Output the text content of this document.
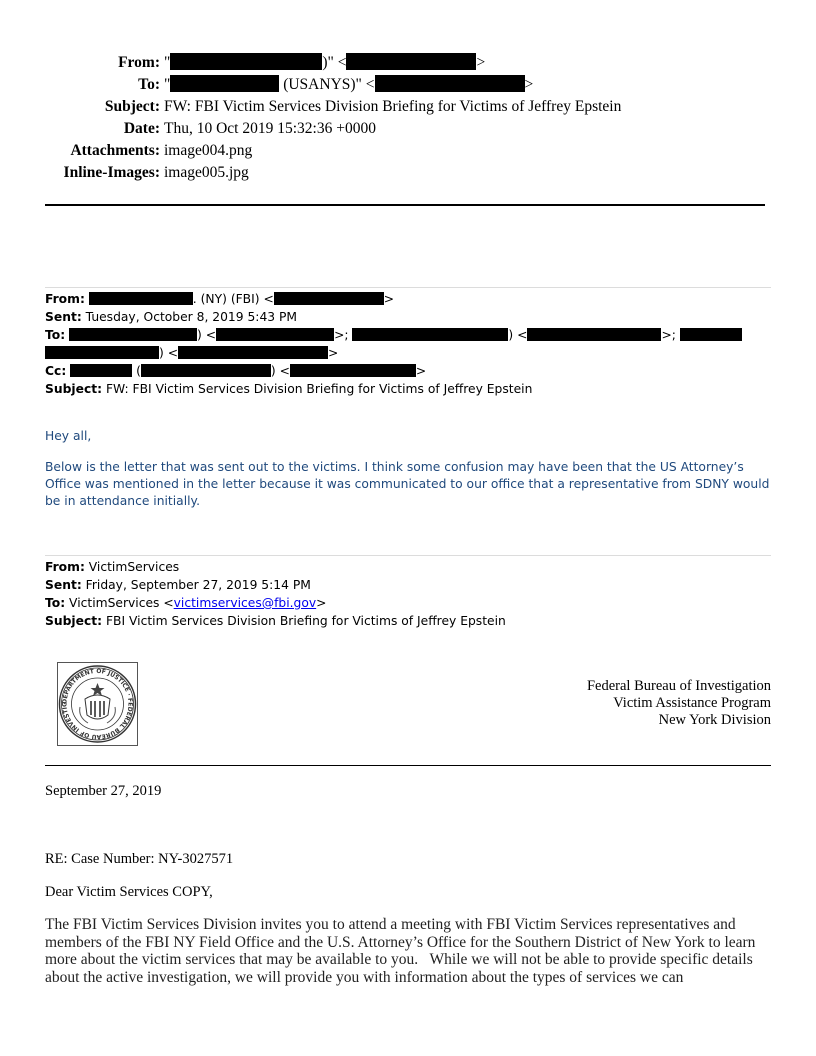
From: "	)" <	>
To: "	(USANYS)" <	>
Subject: FW: FBI Victim Services Division Briefing for Victims of Jeffrey Epstein
Date: Thu, 10 Oct 2019 15:32:36 +0000
Attachments: image004.png
Inline-Images: image005.jpg
From:	. (NY) (FBI) <	>
Sent: Tuesday, October 8, 2019 5:43 PM
To:	) <	>;	) <	>;
) <	>
Cc:	(	) <	>
Subject: FW: FBI Victim Services Division Briefing for Victims of Jeffrey Epstein
Hey all,
Below is the letter that was sent out to the victims. I think some confusion may have been that the US Attorney’s Office was mentioned in the letter because it was communicated to our office that a representative from SDNY would be in attendance initially.
From: VictimServices
Sent: Friday, September 27, 2019 5:14 PM
To: VictimServices <victimservices@fbi.gov>
Subject: FBI Victim Services Division Briefing for Victims of Jeffrey Epstein
DEPARTMENT OF JUSTICE · FEDERAL BUREAU OF INVESTIG
Federal Bureau of Investigation
Victim Assistance Program
New York Division
September 27, 2019
RE: Case Number: NY-3027571
Dear Victim Services COPY,
The FBI Victim Services Division invites you to attend a meeting with FBI Victim Services representatives and members of the FBI NY Field Office and the U.S. Attorney’s Office for the Southern District of New York to learn more about the victim services that may be available to you.   While we will not be able to provide specific details about the active investigation, we will provide you with information about the types of services we can
